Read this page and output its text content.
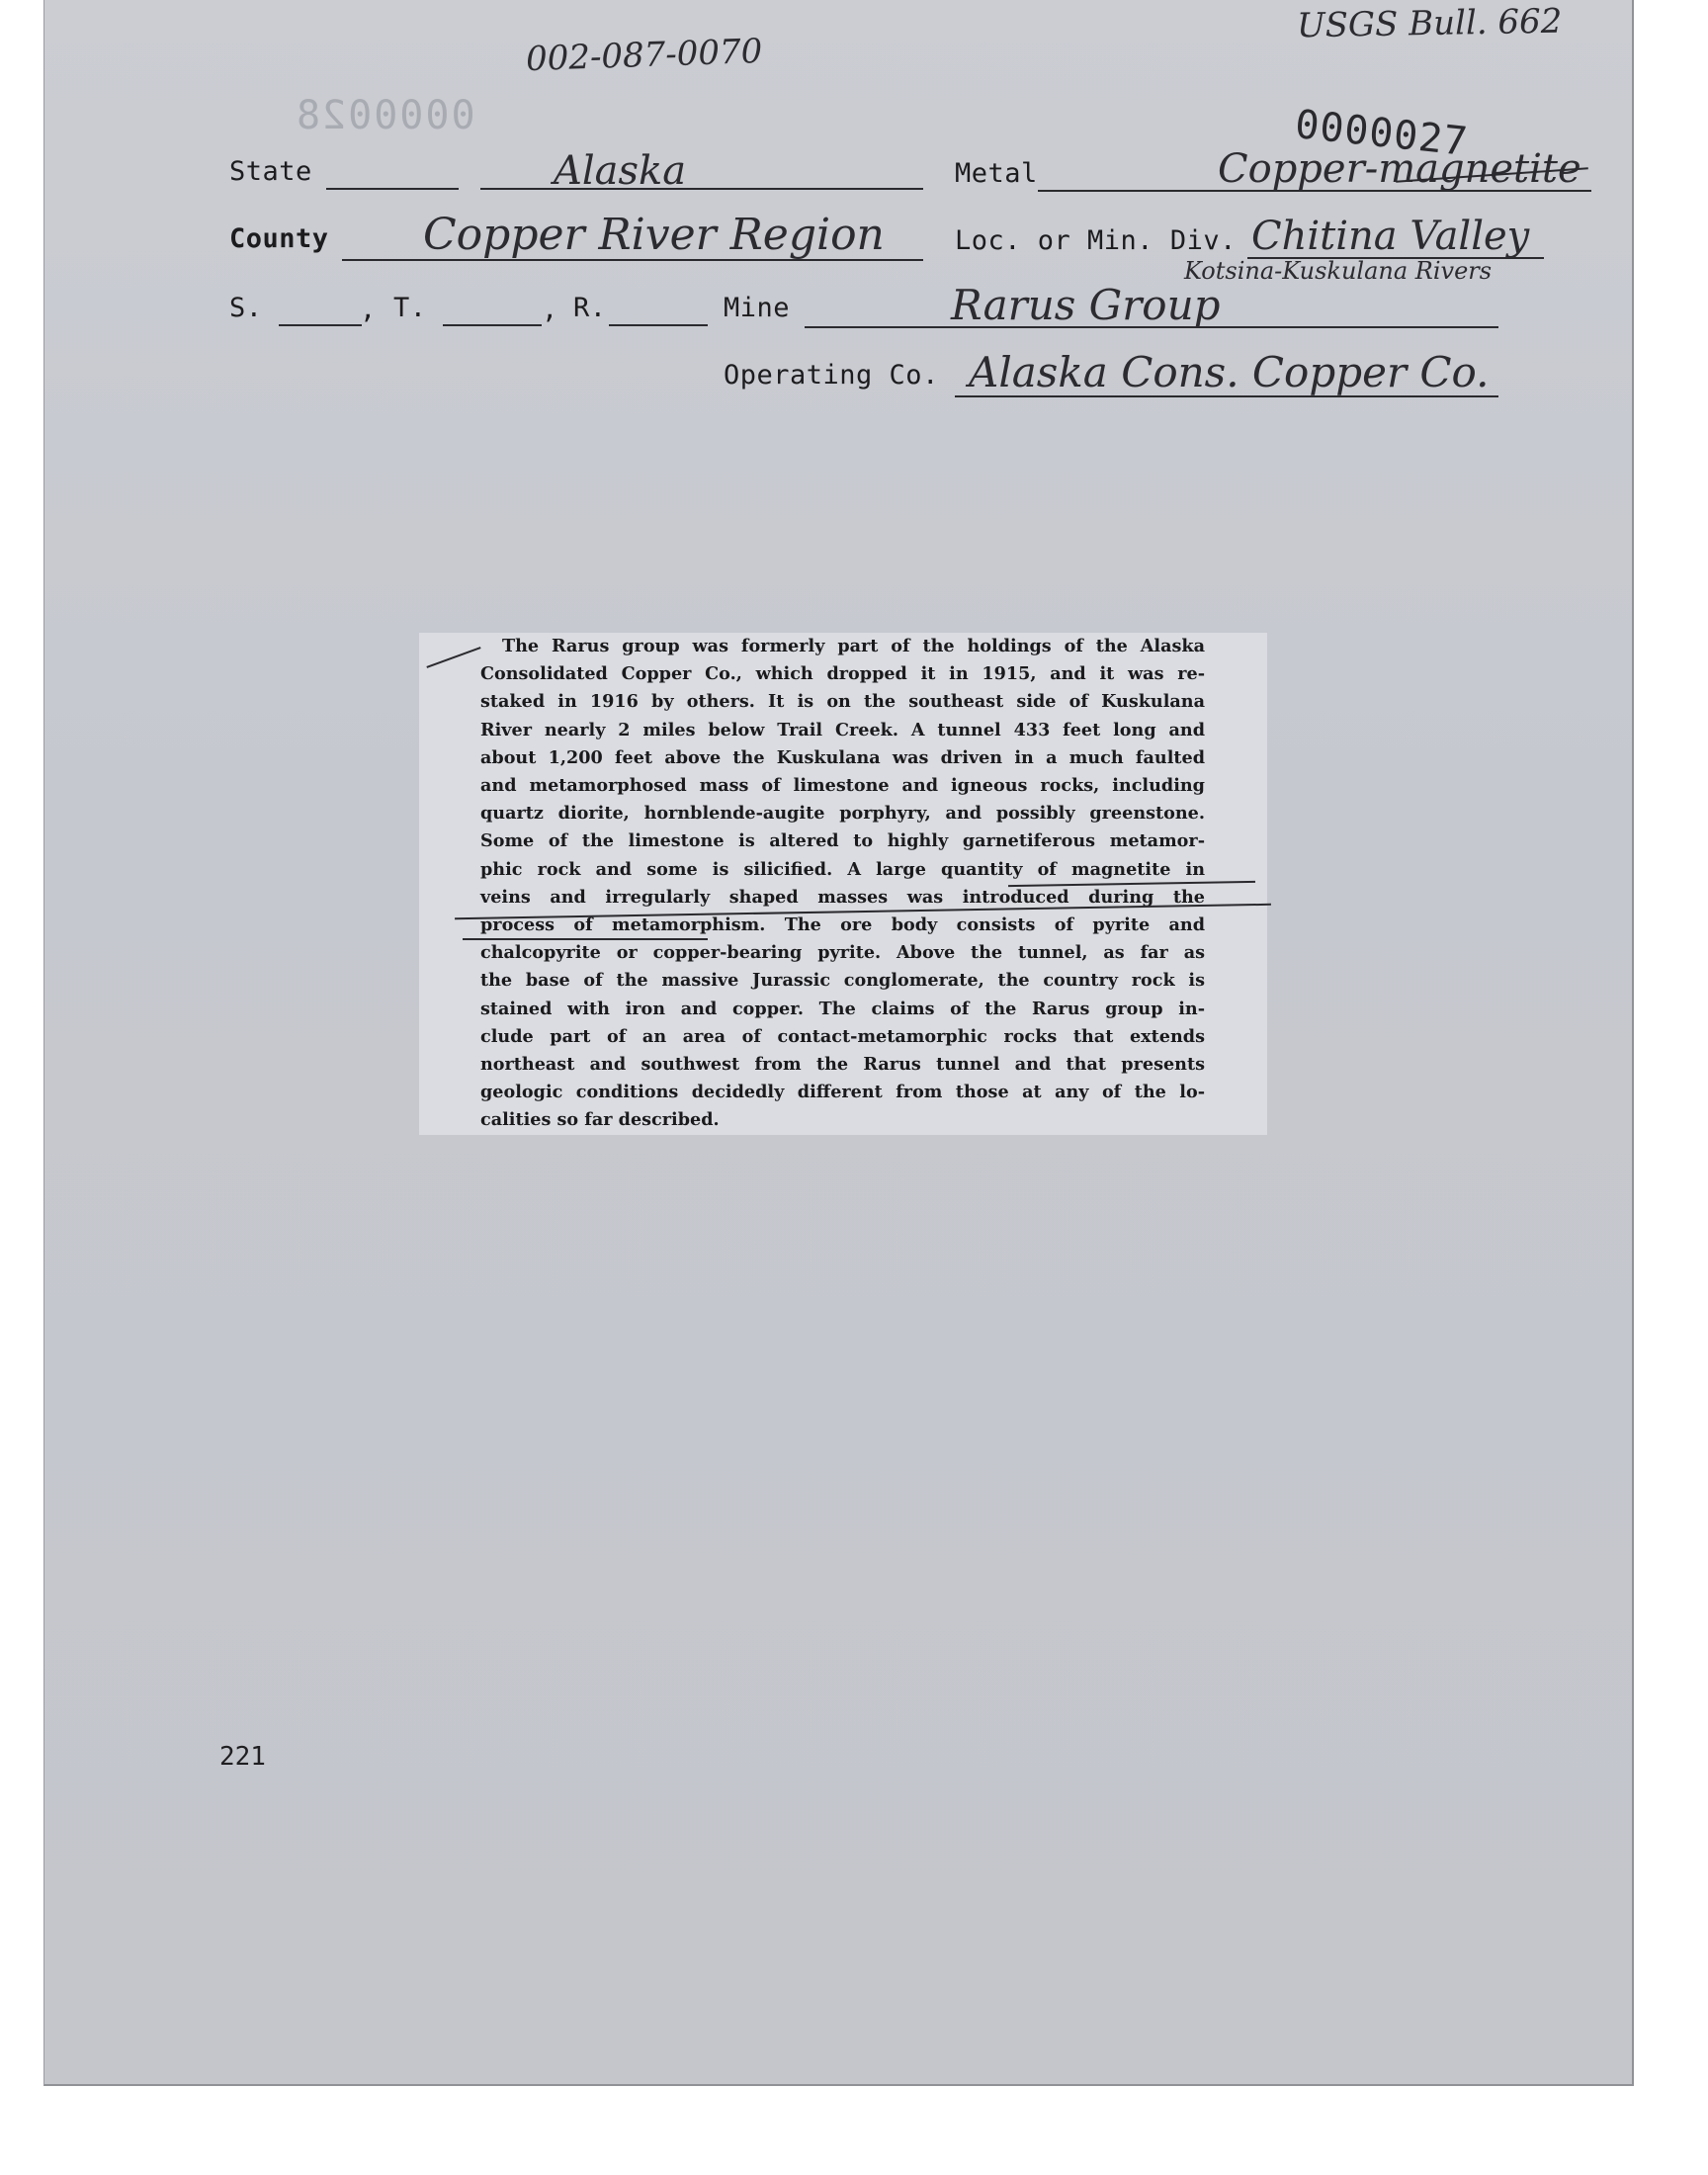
002-087-0070
USGS Bull. 662
0000028	0000027
State	Alaska	Metal	Copper-magnetite
County Copper River Region	Loc. or Min. Div. Chitina Valley
Kotsina-Kuskulana Rivers
S.	, T.	, R.	Mine	Rarus Group
Operating Co. Alaska Cons. Copper Co.
The Rarus group was formerly part of the holdings of the Alaska
Consolidated Copper Co., which dropped it in 1915, and it was re-
staked in 1916 by others. It is on the southeast side of Kuskulana
River nearly 2 miles below Trail Creek. A tunnel 433 feet long and
about 1,200 feet above the Kuskulana was driven in a much faulted
and metamorphosed mass of limestone and igneous rocks, including
quartz diorite, hornblende-augite porphyry, and possibly greenstone.
Some of the limestone is altered to highly garnetiferous metamor-
phic rock and some is silicified. A large quantity of magnetite in
veins and irregularly shaped masses was introduced during the
process of metamorphism. The ore body consists of pyrite and
chalcopyrite or copper-bearing pyrite. Above the tunnel, as far as
the base of the massive Jurassic conglomerate, the country rock is
stained with iron and copper. The claims of the Rarus group in-
clude part of an area of contact-metamorphic rocks that extends
northeast and southwest from the Rarus tunnel and that presents
geologic conditions decidedly different from those at any of the lo-
calities so far described.
221
